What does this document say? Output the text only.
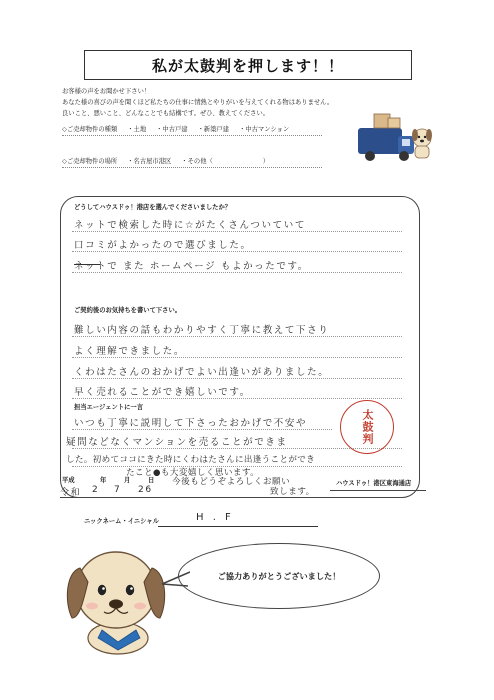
私が太鼓判を押します！！
お客様の声をお聞かせ下さい！
あなた様の喜びの声を聞くほど私たちの仕事に情熱とやりがいを与えてくれる物はありません。
良いこと、悪いこと、どんなことでも結構です。ぜひ、教えてください。
◇ご売却物件の種類 ・土地 ・中古戸建 ・新築戸建 ・中古マンション
◇ご売却物件の場所 ・名古屋市港区 ・その他（	）
どうしてハウスドゥ！港店を選んでくださいましたか？
ネットで検索した時に☆がたくさんついていて
口コミがよかったので選びました。
ネットで また ホームページ もよかったです。
ご契約後のお気持ちを書いて下さい。
難しい内容の話もわかりやすく丁寧に教えて下さり
よく理解できました。
くわはたさんのおかげでよい出逢いがありました。
早く売れることができ嬉しいです。
担当エージェントに一言
いつも丁寧に説明して下さったおかげで不安や
疑問などなくマンションを売ることができま
した。初めてココにきた時にくわはたさんに出逢うことができ
たこと●も大変嬉しく思います。
今後もどうぞよろしくお願い
致します。
太鼓判
平成	年	月	日
令和 2 7 26
ハウスドゥ！港区東海通店
ニックネーム・イニシャル	H . F
ご協力ありがとうございました！
